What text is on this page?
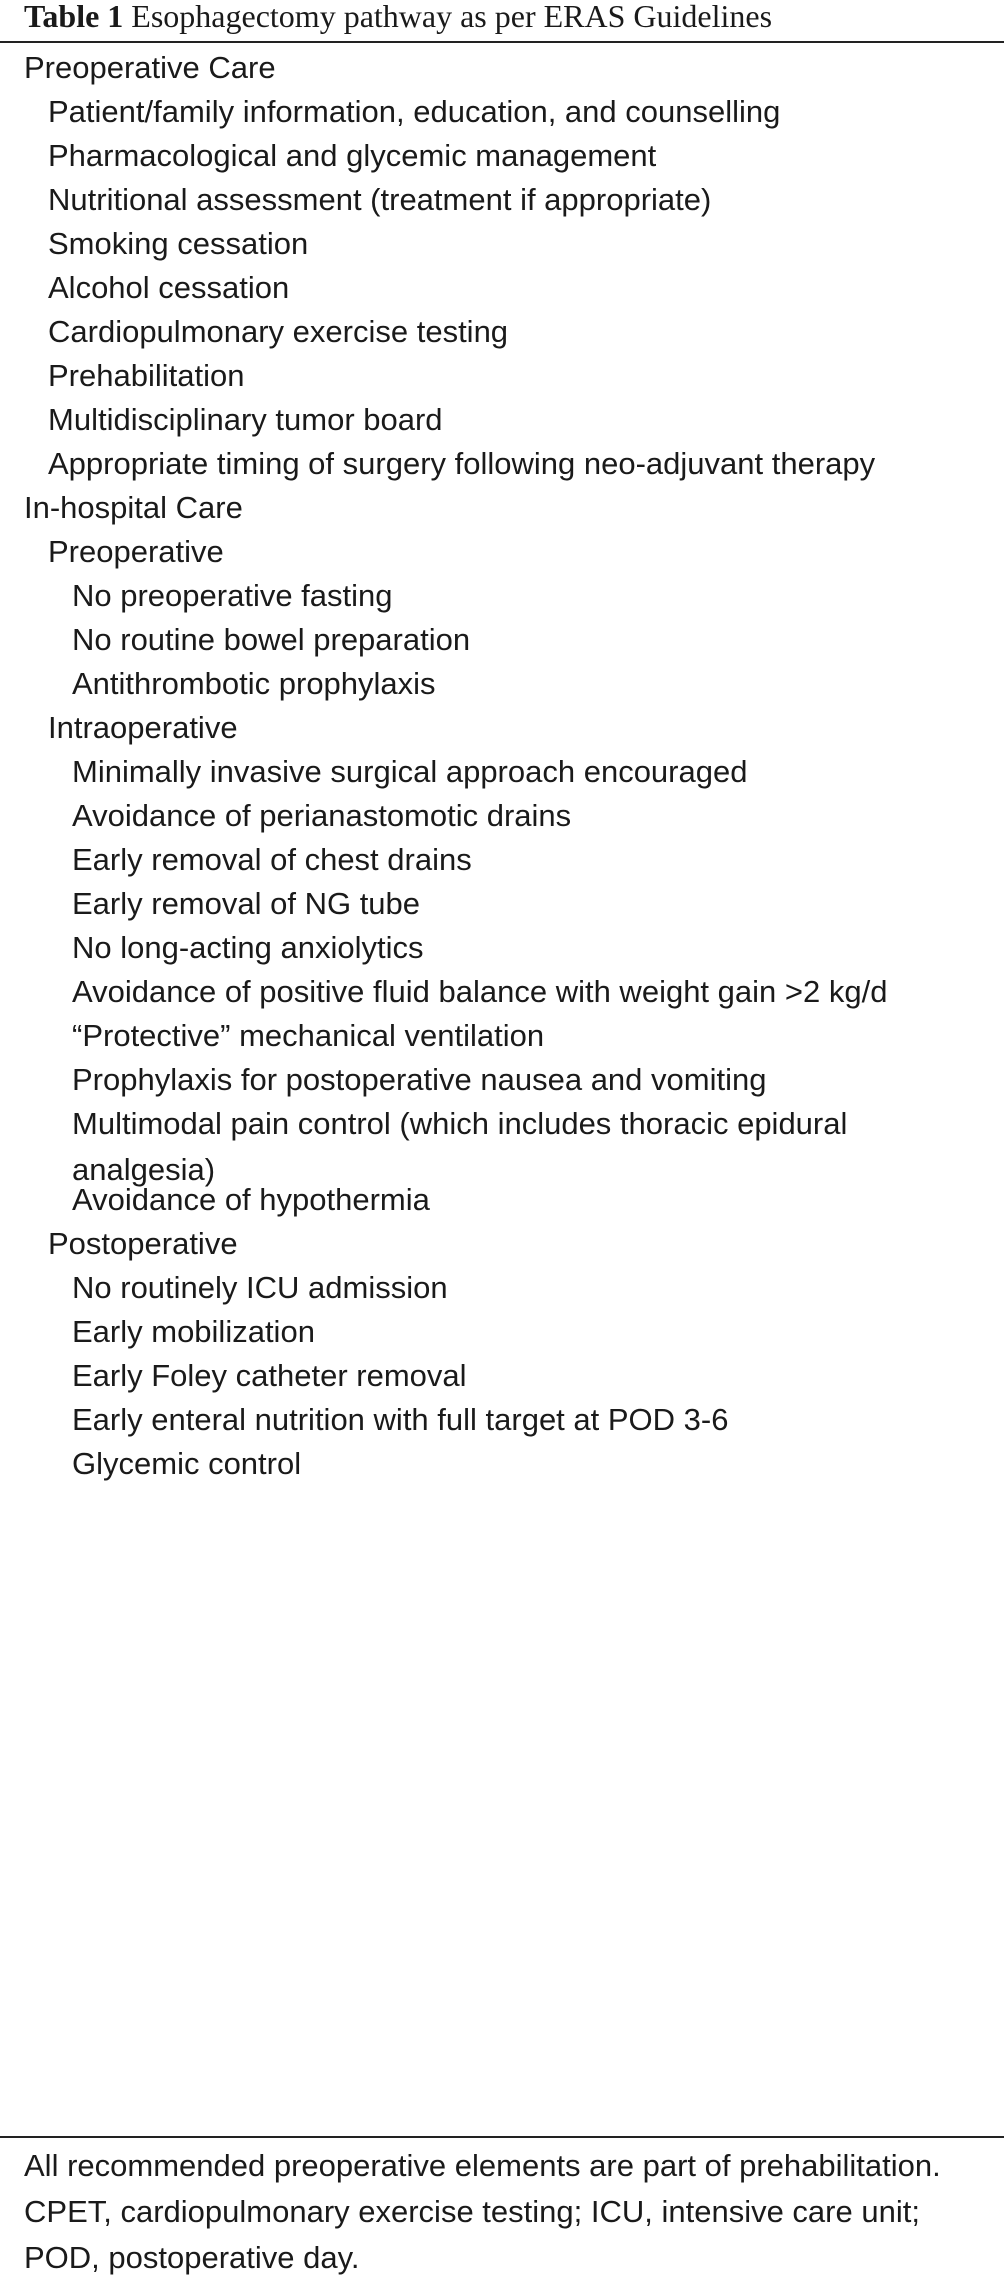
Table 1 Esophagectomy pathway as per ERAS Guidelines
Preoperative Care
Patient/family information, education, and counselling
Pharmacological and glycemic management
Nutritional assessment (treatment if appropriate)
Smoking cessation
Alcohol cessation
Cardiopulmonary exercise testing
Prehabilitation
Multidisciplinary tumor board
Appropriate timing of surgery following neo-adjuvant therapy
In-hospital Care
Preoperative
No preoperative fasting
No routine bowel preparation
Antithrombotic prophylaxis
Intraoperative
Minimally invasive surgical approach encouraged
Avoidance of perianastomotic drains
Early removal of chest drains
Early removal of NG tube
No long-acting anxiolytics
Avoidance of positive fluid balance with weight gain >2 kg/d
“Protective” mechanical ventilation
Prophylaxis for postoperative nausea and vomiting
Multimodal pain control (which includes thoracic epidural analgesia)
Avoidance of hypothermia
Postoperative
No routinely ICU admission
Early mobilization
Early Foley catheter removal
Early enteral nutrition with full target at POD 3-6
Glycemic control

All recommended preoperative elements are part of prehabilitation. CPET, cardiopulmonary exercise testing; ICU, intensive care unit; POD, postoperative day.
